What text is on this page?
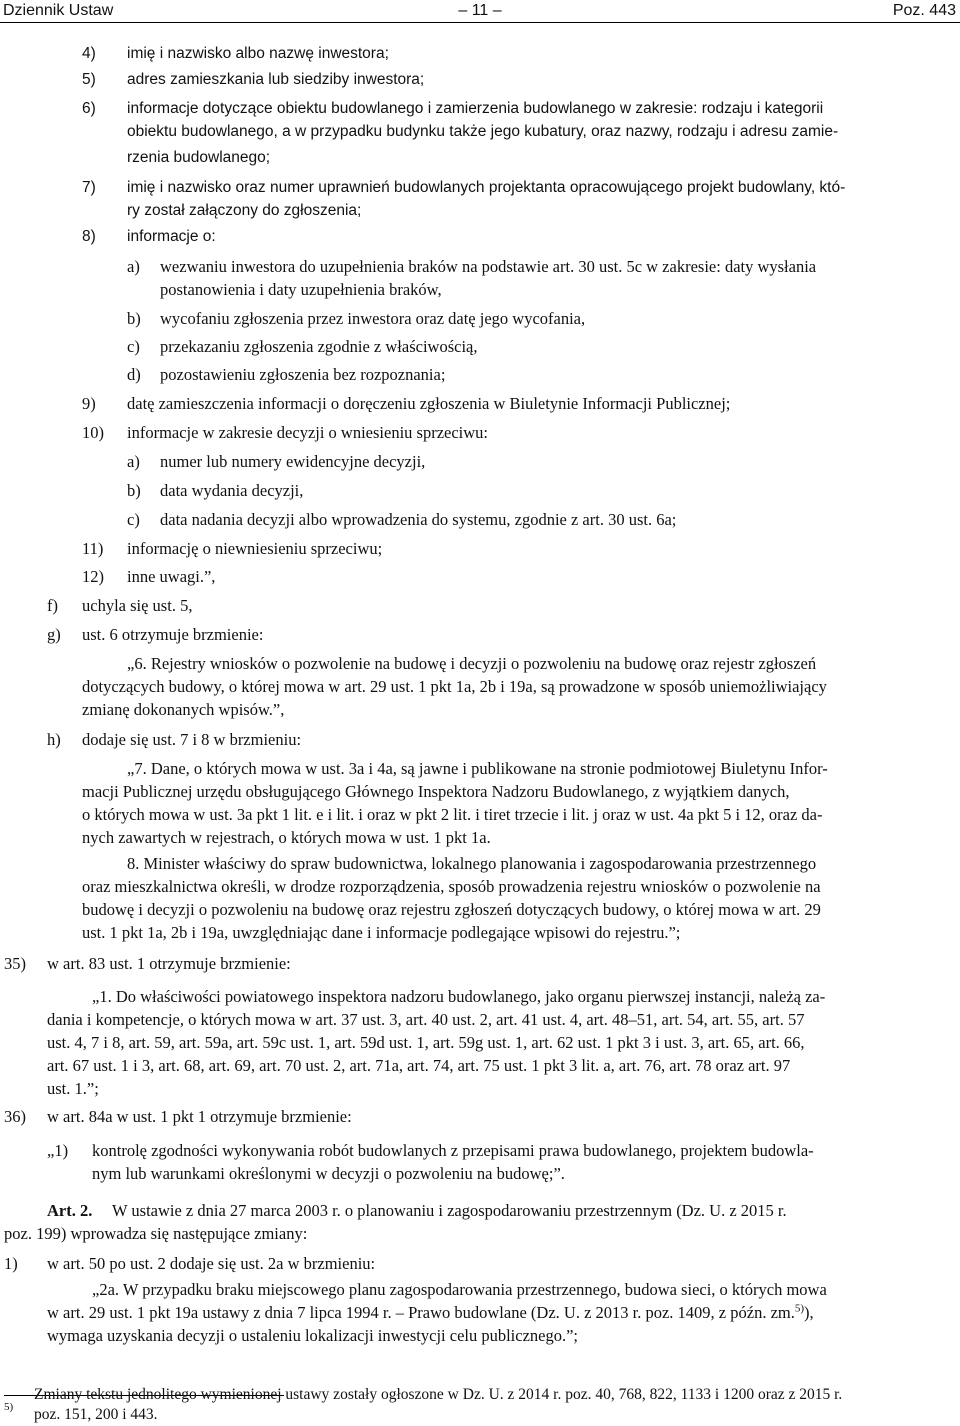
Dziennik Ustaw	– 11 –	Poz. 443
4) imię i nazwisko albo nazwę inwestora;
5) adres zamieszkania lub siedziby inwestora;
6) informacje dotyczące obiektu budowlanego i zamierzenia budowlanego w zakresie: rodzaju i kategorii
obiektu budowlanego, a w przypadku budynku także jego kubatury, oraz nazwy, rodzaju i adresu zamie-
rzenia budowlanego;
7) imię i nazwisko oraz numer uprawnień budowlanych projektanta opracowującego projekt budowlany, któ-
ry został załączony do zgłoszenia;
8) informacje o:
a) wezwaniu inwestora do uzupełnienia braków na podstawie art. 30 ust. 5c w zakresie: daty wysłania
postanowienia i daty uzupełnienia braków,
b) wycofaniu zgłoszenia przez inwestora oraz datę jego wycofania,
c) przekazaniu zgłoszenia zgodnie z właściwością,
d) pozostawieniu zgłoszenia bez rozpoznania;
9) datę zamieszczenia informacji o doręczeniu zgłoszenia w Biuletynie Informacji Publicznej;
10) informacje w zakresie decyzji o wniesieniu sprzeciwu:
a) numer lub numery ewidencyjne decyzji,
b) data wydania decyzji,
c) data nadania decyzji albo wprowadzenia do systemu, zgodnie z art. 30 ust. 6a;
11) informację o niewniesieniu sprzeciwu;
12) inne uwagi.”,
f) uchyla się ust. 5,
g) ust. 6 otrzymuje brzmienie:
„6. Rejestry wniosków o pozwolenie na budowę i decyzji o pozwoleniu na budowę oraz rejestr zgłoszeń
dotyczących budowy, o której mowa w art. 29 ust. 1 pkt 1a, 2b i 19a, są prowadzone w sposób uniemożliwiający
zmianę dokonanych wpisów.”,
h) dodaje się ust. 7 i 8 w brzmieniu:
„7. Dane, o których mowa w ust. 3a i 4a, są jawne i publikowane na stronie podmiotowej Biuletynu Infor-
macji Publicznej urzędu obsługującego Głównego Inspektora Nadzoru Budowlanego, z wyjątkiem danych,
o których mowa w ust. 3a pkt 1 lit. e i lit. i oraz w pkt 2 lit. i tiret trzecie i lit. j oraz w ust. 4a pkt 5 i 12, oraz da-
nych zawartych w rejestrach, o których mowa w ust. 1 pkt 1a.
8. Minister właściwy do spraw budownictwa, lokalnego planowania i zagospodarowania przestrzennego
oraz mieszkalnictwa określi, w drodze rozporządzenia, sposób prowadzenia rejestru wniosków o pozwolenie na
budowę i decyzji o pozwoleniu na budowę oraz rejestru zgłoszeń dotyczących budowy, o której mowa w art. 29
ust. 1 pkt 1a, 2b i 19a, uwzględniając dane i informacje podlegające wpisowi do rejestru.”;
35) w art. 83 ust. 1 otrzymuje brzmienie:
„1. Do właściwości powiatowego inspektora nadzoru budowlanego, jako organu pierwszej instancji, należą za-
dania i kompetencje, o których mowa w art. 37 ust. 3, art. 40 ust. 2, art. 41 ust. 4, art. 48–51, art. 54, art. 55, art. 57
ust. 4, 7 i 8, art. 59, art. 59a, art. 59c ust. 1, art. 59d ust. 1, art. 59g ust. 1, art. 62 ust. 1 pkt 3 i ust. 3, art. 65, art. 66,
art. 67 ust. 1 i 3, art. 68, art. 69, art. 70 ust. 2, art. 71a, art. 74, art. 75 ust. 1 pkt 3 lit. a, art. 76, art. 78 oraz art. 97
ust. 1.”;
36) w art. 84a w ust. 1 pkt 1 otrzymuje brzmienie:
„1) kontrolę zgodności wykonywania robót budowlanych z przepisami prawa budowlanego, projektem budowla-
nym lub warunkami określonymi w decyzji o pozwoleniu na budowę;”.
Art. 2.	W ustawie z dnia 27 marca 2003 r. o planowaniu i zagospodarowaniu przestrzennym (Dz. U. z 2015 r.
poz. 199) wprowadza się następujące zmiany:
1) w art. 50 po ust. 2 dodaje się ust. 2a w brzmieniu:
„2a. W przypadku braku miejscowego planu zagospodarowania przestrzennego, budowa sieci, o których mowa
w art. 29 ust. 1 pkt 19a ustawy z dnia 7 lipca 1994 r. – Prawo budowlane (Dz. U. z 2013 r. poz. 1409, z późn. zm.$^{5)}$),
wymaga uzyskania decyzji o ustaleniu lokalizacji inwestycji celu publicznego.”;
5)
Zmiany tekstu jednolitego wymienionej ustawy zostały ogłoszone w Dz. U. z 2014 r. poz. 40, 768, 822, 1133 i 1200 oraz z 2015 r.
poz. 151, 200 i 443.
